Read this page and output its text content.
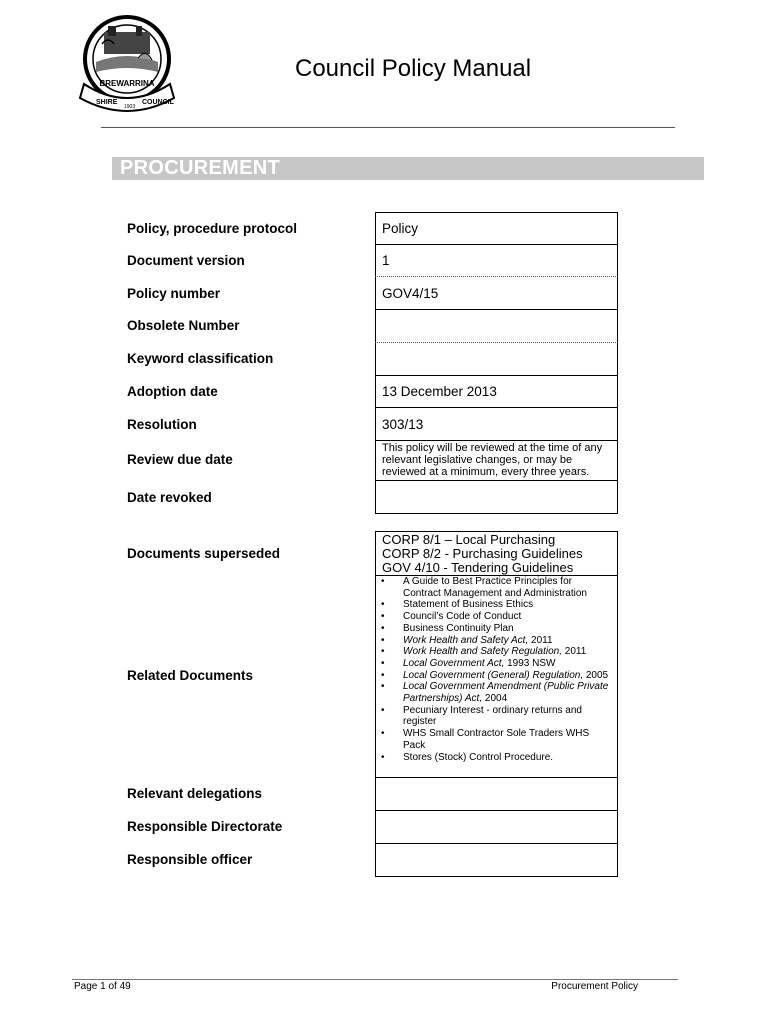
BREWARRINA
SHIRE
1903
COUNCIL
Council Policy Manual
PROCUREMENT
Policy, procedure protocol
Document version
Policy number
Obsolete Number
Keyword classification
Adoption date
Resolution
Review due date
Date revoked
Documents superseded
Related Documents
Relevant delegations
Responsible Directorate
Responsible officer
Policy
1
GOV4/15
13 December 2013
303/13
This policy will be reviewed at the time of any relevant legislative changes, or may be reviewed at a minimum, every three years.
CORP 8/1 – Local Purchasing
CORP 8/2 - Purchasing Guidelines
GOV 4/10 - Tendering Guidelines
• A Guide to Best Practice Principles for Contract Management and Administration
• Statement of Business Ethics
• Council’s Code of Conduct
• Business Continuity Plan
• Work Health and Safety Act, 2011
• Work Health and Safety Regulation, 2011
• Local Government Act, 1993 NSW
• Local Government (General) Regulation, 2005
• Local Government Amendment (Public Private Partnerships) Act, 2004
• Pecuniary Interest - ordinary returns and register
• WHS Small Contractor Sole Traders WHS Pack
• Stores (Stock) Control Procedure.
Page 1 of 49	Procurement Policy
